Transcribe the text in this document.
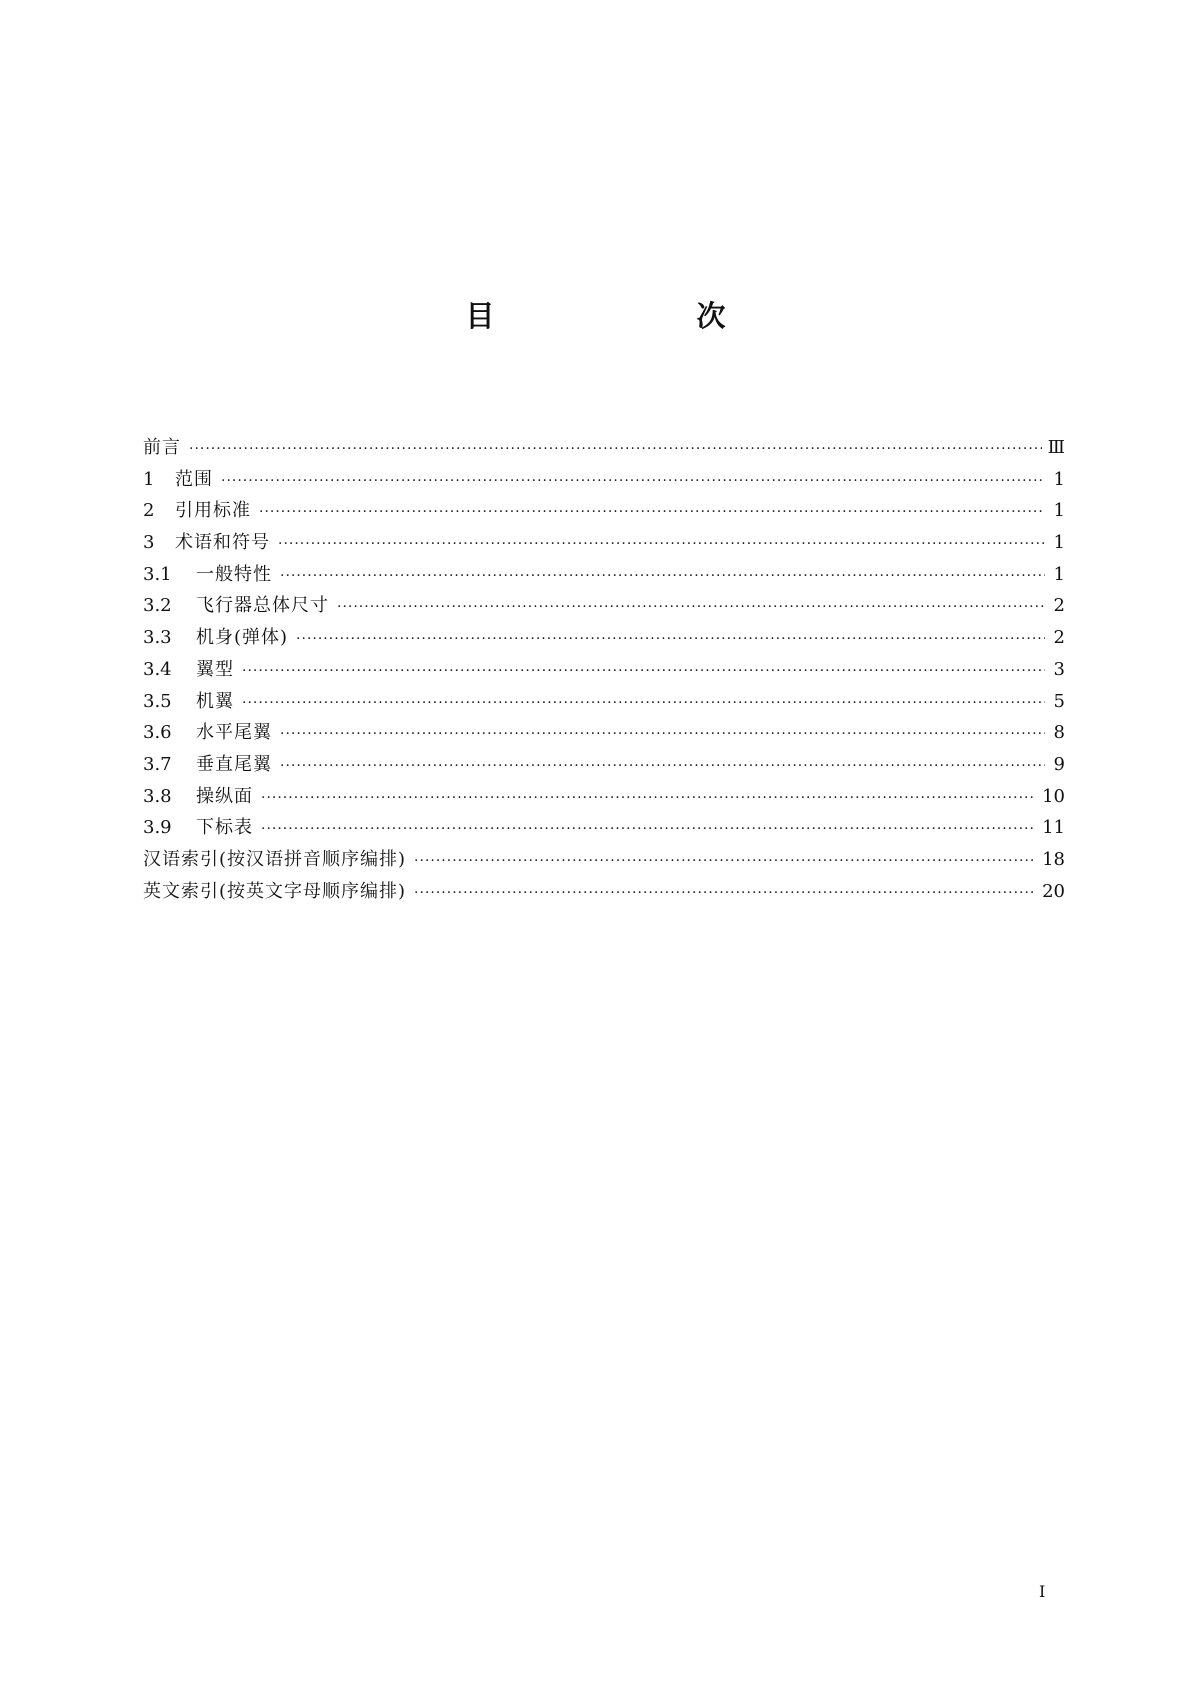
目 次
前言 ·····	Ⅲ
1	范围 ·····	1
2	引用标准 ·····	1
3	术语和符号 ·····	1
3.1	一般特性 ·····	1
3.2	飞行器总体尺寸 ·····	2
3.3	机身(弹体) ·····	2
3.4	翼型 ·····	3
3.5	机翼 ·····	5
3.6	水平尾翼 ·····	8
3.7	垂直尾翼 ·····	9
3.8	操纵面 ·····	10
3.9	下标表 ·····	11
汉语索引(按汉语拼音顺序编排) ·····	18
英文索引(按英文字母顺序编排) ·····	20
I
